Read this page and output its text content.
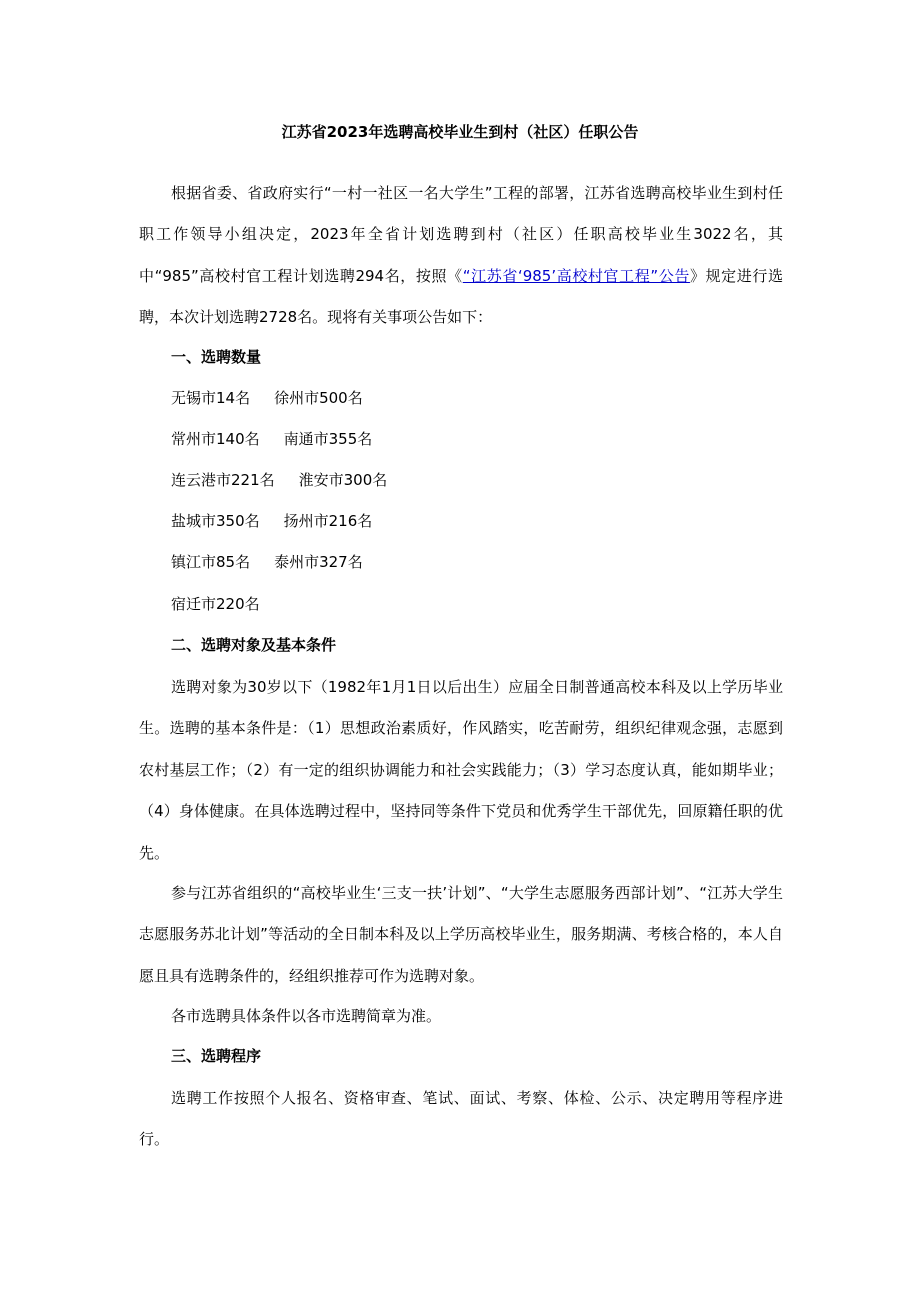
江苏省2023年选聘高校毕业生到村（社区）任职公告

根据省委、省政府实行“一村一社区一名大学生”工程的部署，江苏省选聘高校毕业生到村任职工作领导小组决定，2023年全省计划选聘到村（社区）任职高校毕业生3022名，其中“985”高校村官工程计划选聘294名，按照《“江苏省‘985’高校村官工程”公告》规定进行选聘，本次计划选聘2728名。现将有关事项公告如下：

一、选聘数量
无锡市14名 徐州市500名
常州市140名 南通市355名
连云港市221名 淮安市300名
盐城市350名 扬州市216名
镇江市85名 泰州市327名
宿迁市220名
二、选聘对象及基本条件

选聘对象为30岁以下（1982年1月1日以后出生）应届全日制普通高校本科及以上学历毕业生。选聘的基本条件是：（1）思想政治素质好，作风踏实，吃苦耐劳，组织纪律观念强，志愿到农村基层工作；（2）有一定的组织协调能力和社会实践能力；（3）学习态度认真，能如期毕业；（4）身体健康。在具体选聘过程中，坚持同等条件下党员和优秀学生干部优先，回原籍任职的优先。

参与江苏省组织的“高校毕业生‘三支一扶’计划”、“大学生志愿服务西部计划”、“江苏大学生志愿服务苏北计划”等活动的全日制本科及以上学历高校毕业生，服务期满、考核合格的，本人自愿且具有选聘条件的，经组织推荐可作为选聘对象。

各市选聘具体条件以各市选聘简章为准。

三、选聘程序

选聘工作按照个人报名、资格审查、笔试、面试、考察、体检、公示、决定聘用等程序进行。
